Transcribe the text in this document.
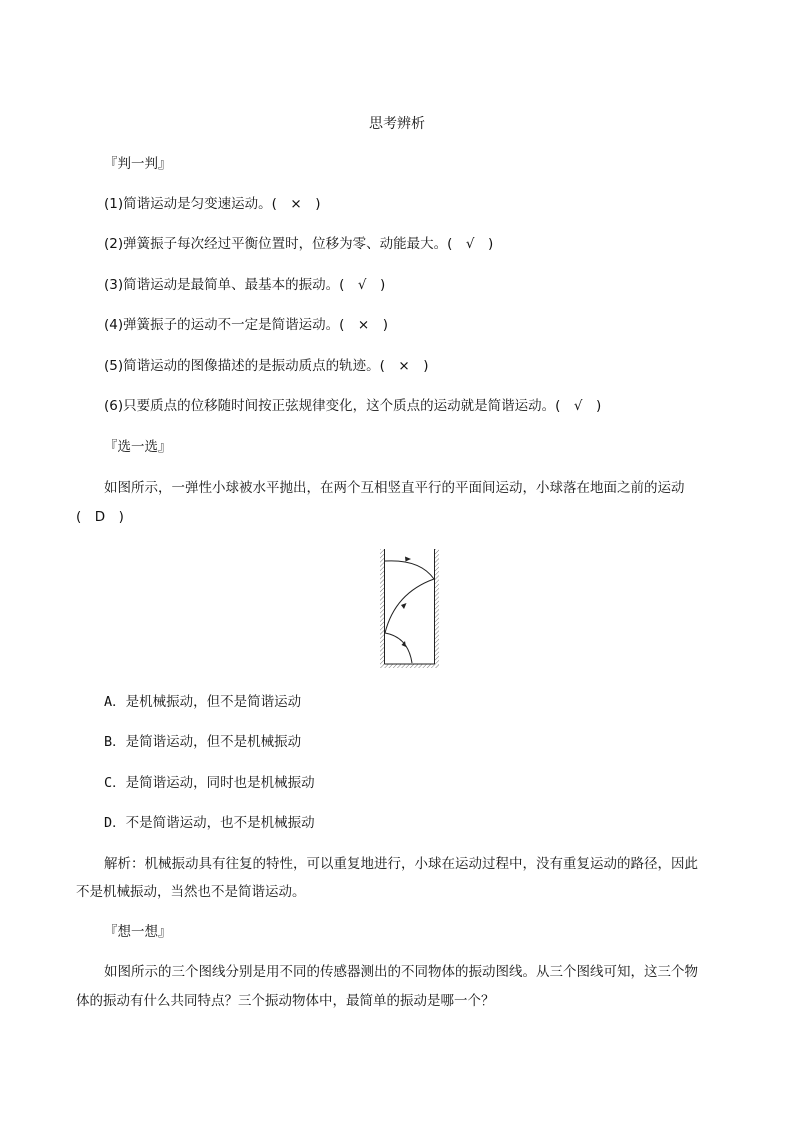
思考辨析
『判一判』
(1)简谐运动是匀变速运动。(　×　)
(2)弹簧振子每次经过平衡位置时，位移为零、动能最大。(　√　)
(3)简谐运动是最简单、最基本的振动。(　√　)
(4)弹簧振子的运动不一定是简谐运动。(　×　)
(5)简谐运动的图像描述的是振动质点的轨迹。(　×　)
(6)只要质点的位移随时间按正弦规律变化，这个质点的运动就是简谐运动。(　√　)
『选一选』
如图所示，一弹性小球被水平抛出，在两个互相竖直平行的平面间运动，小球落在地面之前的运动
(　D　)
A．是机械振动，但不是简谐运动
B．是简谐运动，但不是机械振动
C．是简谐运动，同时也是机械振动
D．不是简谐运动，也不是机械振动
解析：机械振动具有往复的特性，可以重复地进行，小球在运动过程中，没有重复运动的路径，因此
不是机械振动，当然也不是简谐运动。
『想一想』
如图所示的三个图线分别是用不同的传感器测出的不同物体的振动图线。从三个图线可知，这三个物
体的振动有什么共同特点？三个振动物体中，最简单的振动是哪一个？
